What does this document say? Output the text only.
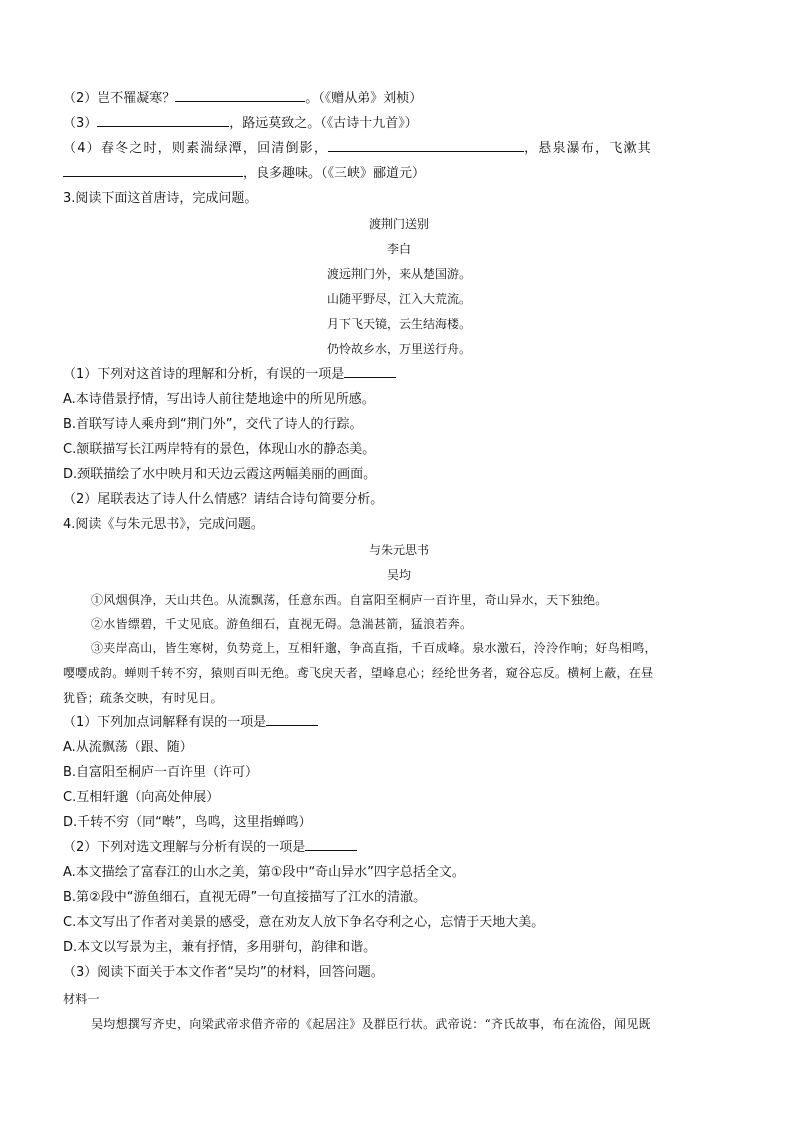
（2）岂不罹凝寒？	。（《赠从弟》刘桢）
（3）	，路远莫致之。（《古诗十九首》）
（4）春冬之时，则素湍绿潭，回清倒影，	，悬泉瀑布，飞漱其
，良多趣味。（《三峡》郦道元）
3.阅读下面这首唐诗，完成问题。
渡荆门送别
李白
渡远荆门外，来从楚国游。
山随平野尽，江入大荒流。
月下飞天镜，云生结海楼。
仍怜故乡水，万里送行舟。
（1）下列对这首诗的理解和分析，有误的一项是
A.本诗借景抒情，写出诗人前往楚地途中的所见所感。
B.首联写诗人乘舟到“荆门外”，交代了诗人的行踪。
C.颔联描写长江两岸特有的景色，体现山水的静态美。
D.颈联描绘了水中映月和天边云霞这两幅美丽的画面。
（2）尾联表达了诗人什么情感？请结合诗句简要分析。
4.阅读《与朱元思书》，完成问题。
与朱元思书
吴均
①风烟俱净，天山共色。从流飘荡，任意东西。自富阳至桐庐一百许里，奇山异水，天下独绝。
②水皆缥碧，千丈见底。游鱼细石，直视无碍。急湍甚箭，猛浪若奔。
③夹岸高山，皆生寒树，负势竞上，互相轩邈，争高直指，千百成峰。泉水激石，泠泠作响；好鸟相鸣，
嘤嘤成韵。蝉则千转不穷，猿则百叫无绝。鸢飞戾天者，望峰息心；经纶世务者，窥谷忘反。横柯上蔽，在昼
犹昏；疏条交映，有时见日。
（1）下列加点词解释有误的一项是
A.从流飘荡（跟、随）
B.自富阳至桐庐一百许里（许可）
C.互相轩邈（向高处伸展）
D.千转不穷（同“啭”，鸟鸣，这里指蝉鸣）
（2）下列对选文理解与分析有误的一项是
A.本文描绘了富春江的山水之美，第①段中“奇山异水”四字总括全文。
B.第②段中“游鱼细石，直视无碍”一句直接描写了江水的清澈。
C.本文写出了作者对美景的感受，意在劝友人放下争名夺利之心，忘情于天地大美。
D.本文以写景为主，兼有抒情，多用骈句，韵律和谐。
（3）阅读下面关于本文作者“吴均”的材料，回答问题。
材料一
吴均想撰写齐史，向梁武帝求借齐帝的《起居注》及群臣行状。武帝说：“齐氏故事，布在流俗，闻见既
